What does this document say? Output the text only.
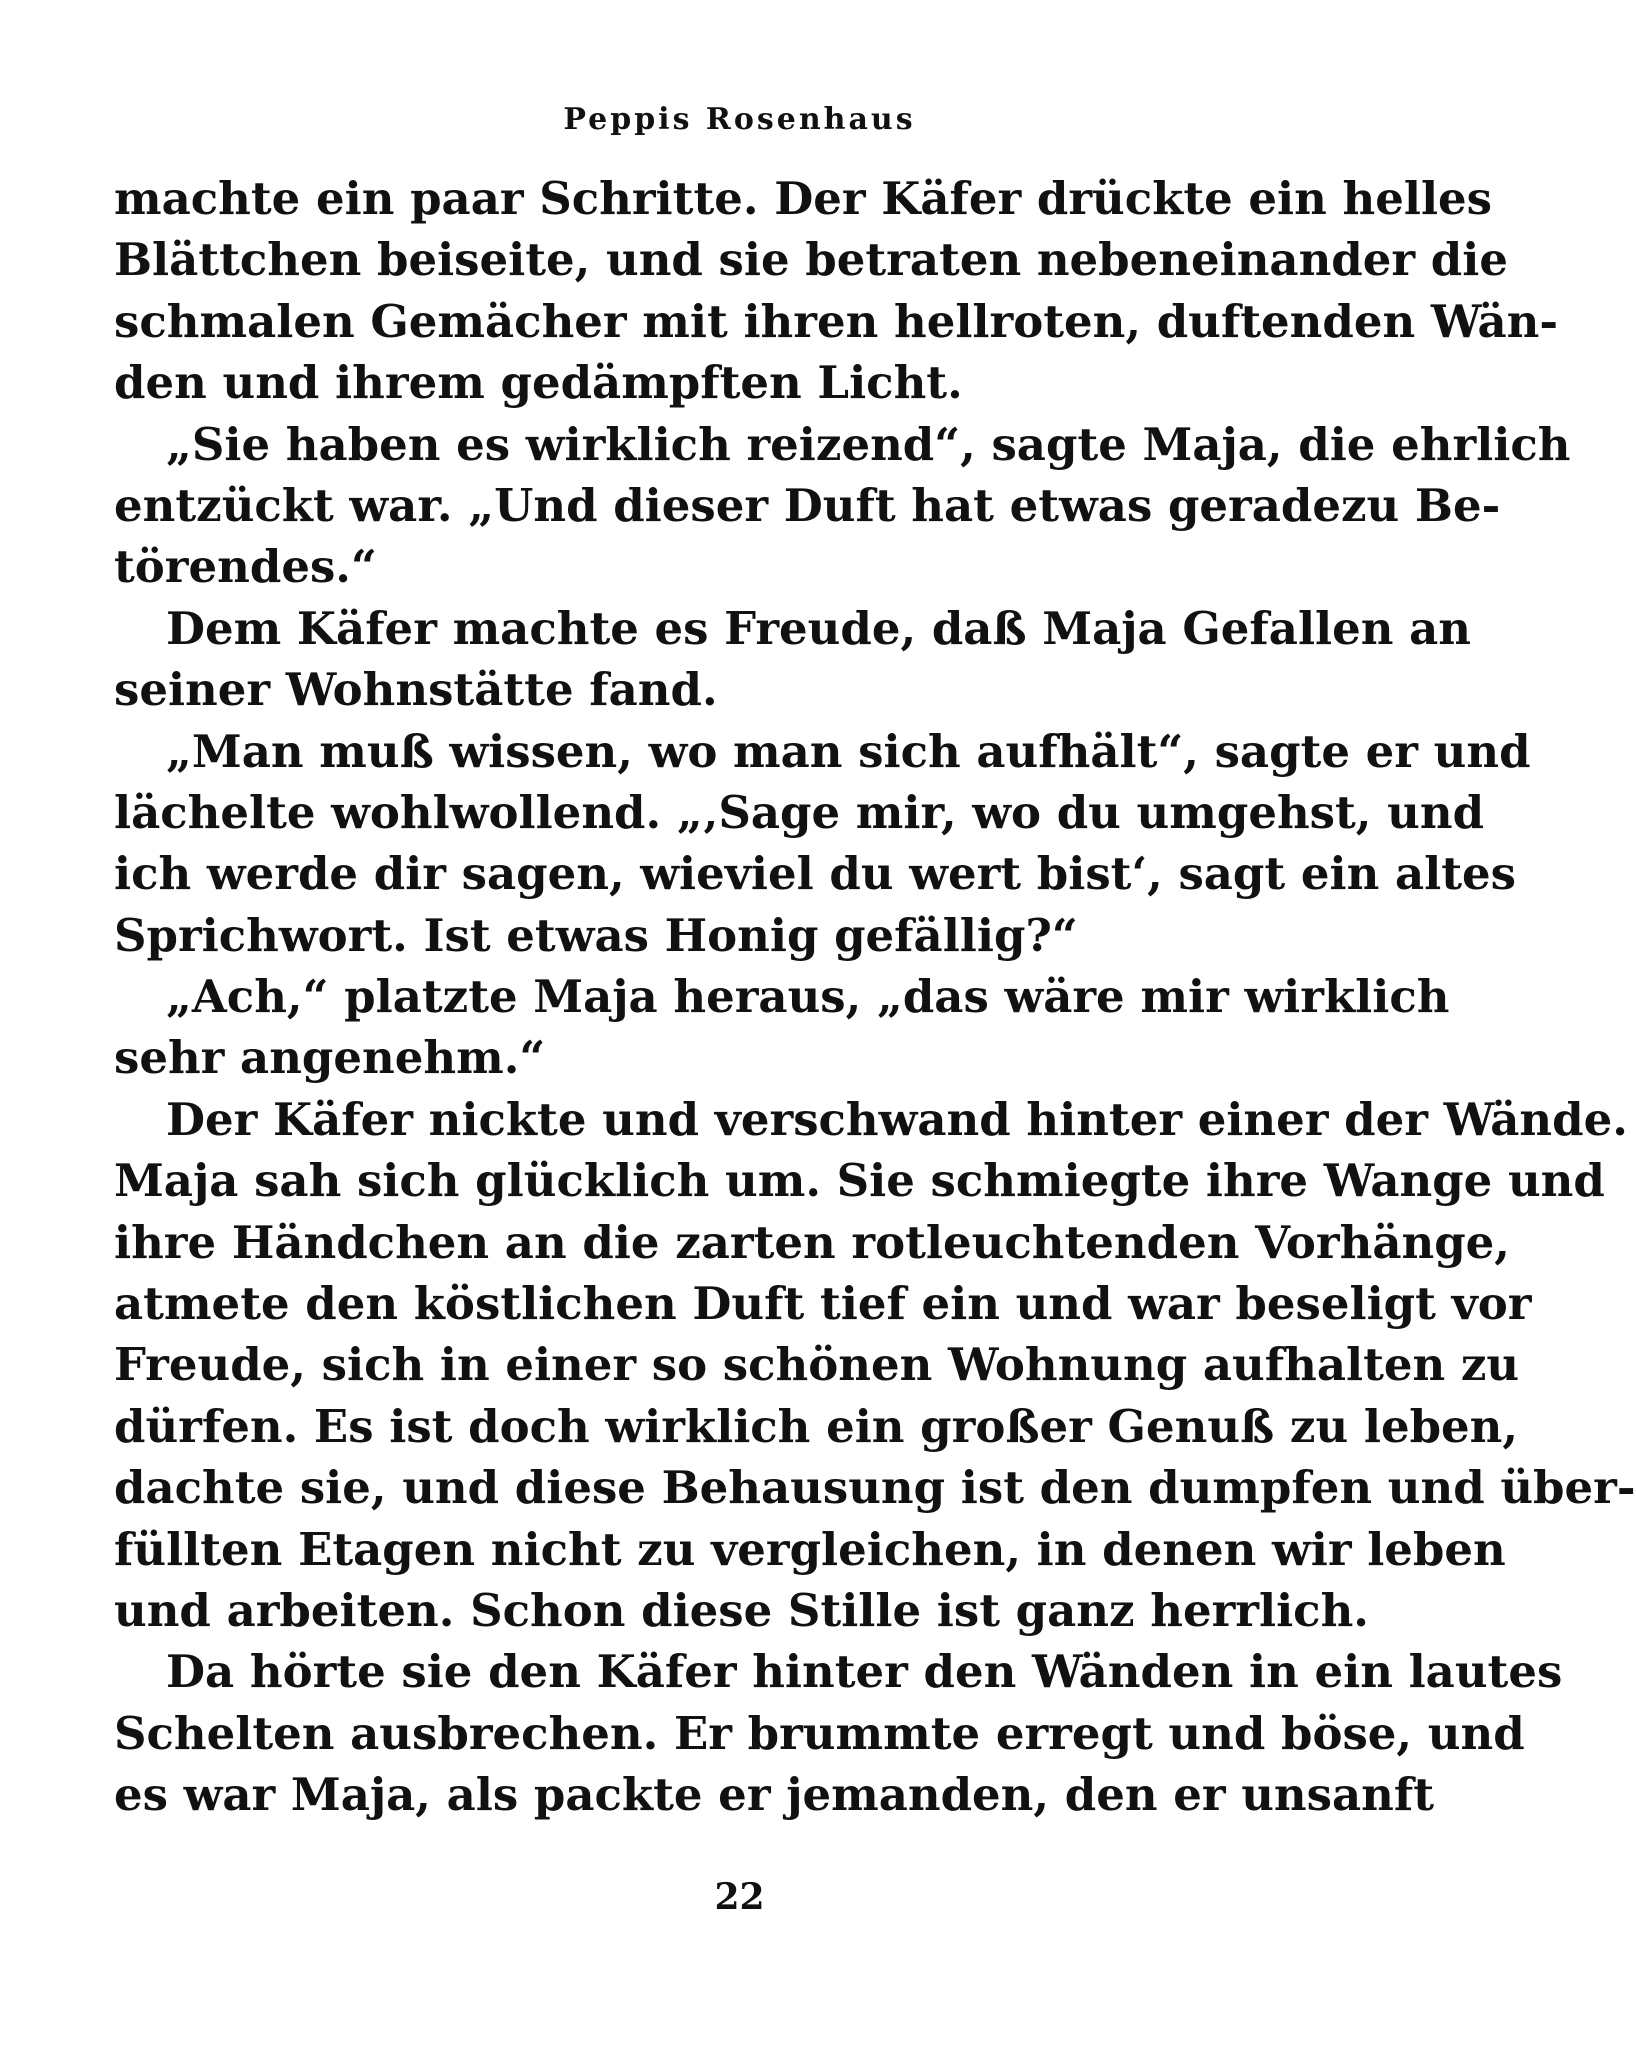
Peppis Rosenhaus
machte ein paar Schritte. Der Käfer drückte ein helles
Blättchen beiseite, und sie betraten nebeneinander die
schmalen Gemächer mit ihren hellroten, duftenden Wän-
den und ihrem gedämpften Licht.
„Sie haben es wirklich reizend“, sagte Maja, die ehrlich
entzückt war. „Und dieser Duft hat etwas geradezu Be-
törendes.“
Dem Käfer machte es Freude, daß Maja Gefallen an
seiner Wohnstätte fand.
„Man muß wissen, wo man sich aufhält“, sagte er und
lächelte wohlwollend. „‚Sage mir, wo du umgehst, und
ich werde dir sagen, wieviel du wert bist‘, sagt ein altes
Sprichwort. Ist etwas Honig gefällig?“
„Ach,“ platzte Maja heraus, „das wäre mir wirklich
sehr angenehm.“
Der Käfer nickte und verschwand hinter einer der Wände.
Maja sah sich glücklich um. Sie schmiegte ihre Wange und
ihre Händchen an die zarten rotleuchtenden Vorhänge,
atmete den köstlichen Duft tief ein und war beseligt vor
Freude, sich in einer so schönen Wohnung aufhalten zu
dürfen. Es ist doch wirklich ein großer Genuß zu leben,
dachte sie, und diese Behausung ist den dumpfen und über-
füllten Etagen nicht zu vergleichen, in denen wir leben
und arbeiten. Schon diese Stille ist ganz herrlich.
Da hörte sie den Käfer hinter den Wänden in ein lautes
Schelten ausbrechen. Er brummte erregt und böse, und
es war Maja, als packte er jemanden, den er unsanft
22
